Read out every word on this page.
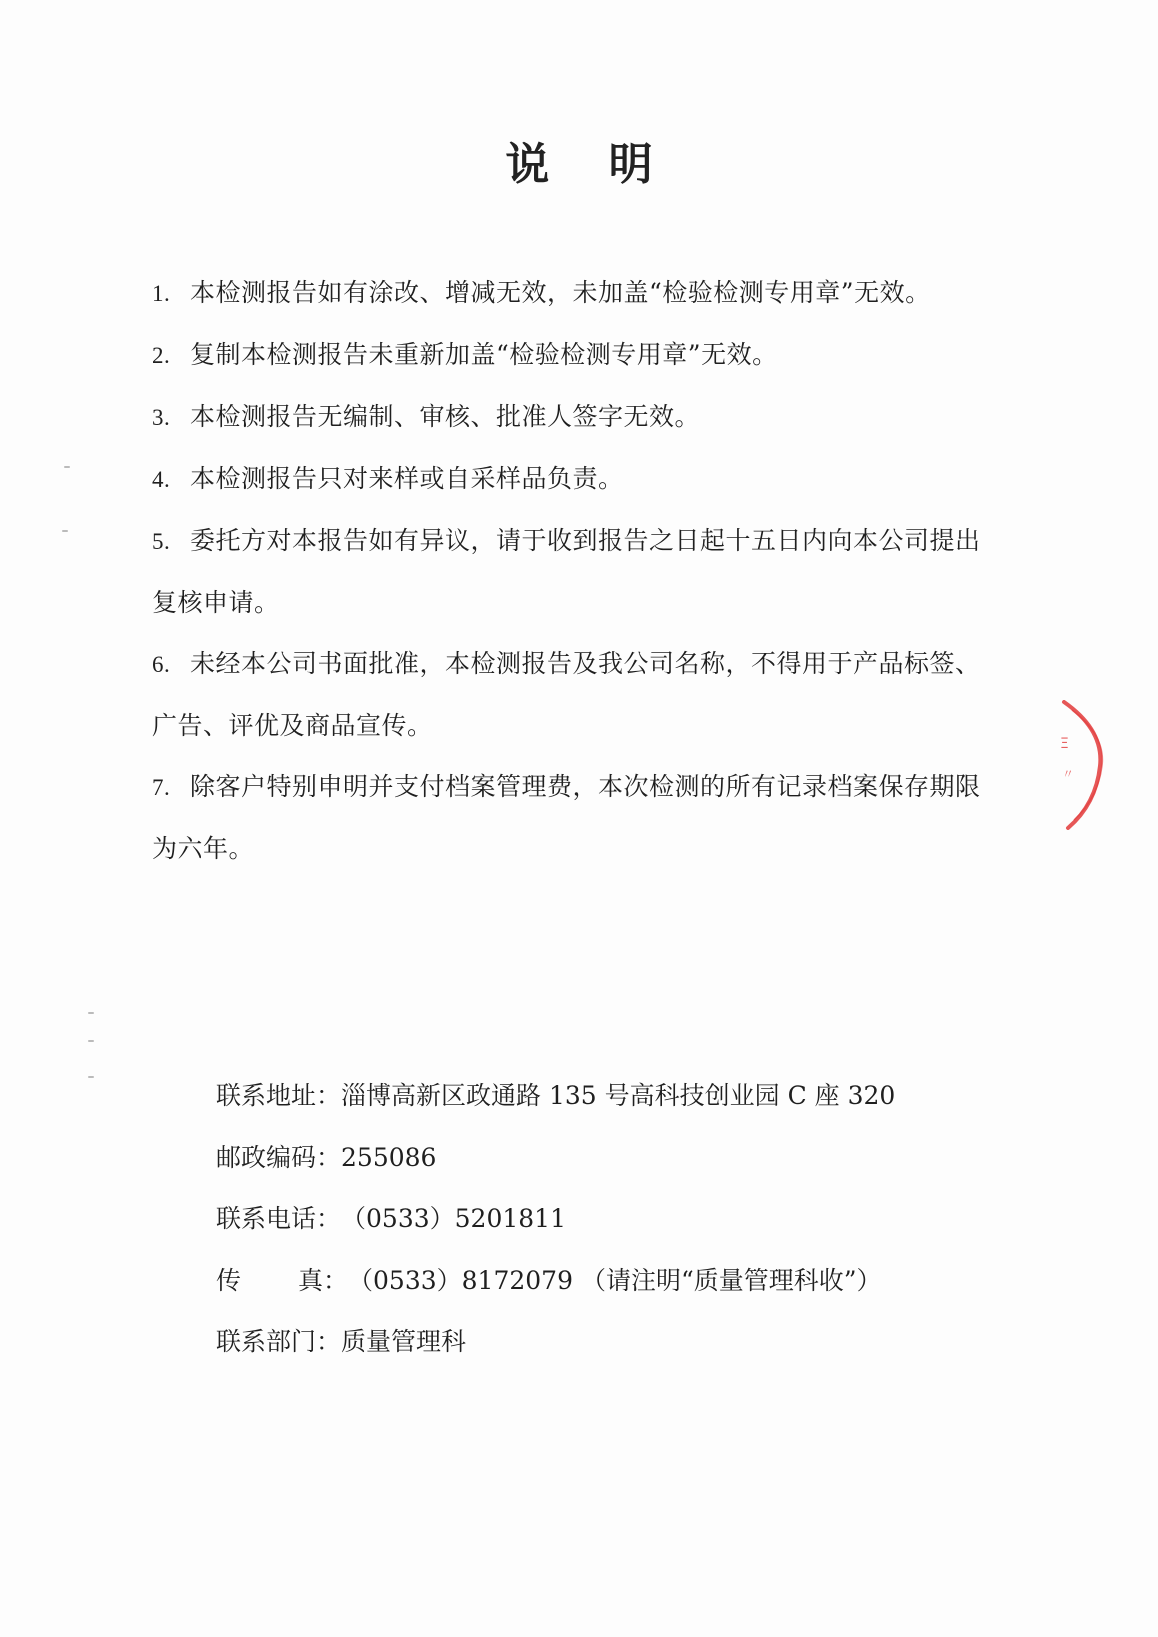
说 明
1. 本检测报告如有涂改、增减无效，未加盖“检验检测专用章”无效。
2. 复制本检测报告未重新加盖“检验检测专用章”无效。
3. 本检测报告无编制、审核、批准人签字无效。
4. 本检测报告只对来样或自采样品负责。
5. 委托方对本报告如有异议，请于收到报告之日起十五日内向本公司提出
复核申请。
6. 未经本公司书面批准，本检测报告及我公司名称，不得用于产品标签、
广告、评优及商品宣传。
7. 除客户特别申明并支付档案管理费，本次检测的所有记录档案保存期限
为六年。
联系地址：淄博高新区政通路 135 号高科技创业园 C 座 320
邮政编码：255086
联系电话：（0533）5201811
传 真：（0533）8172079 （请注明“质量管理科收”）
联系部门：质量管理科
Ξ
〃
